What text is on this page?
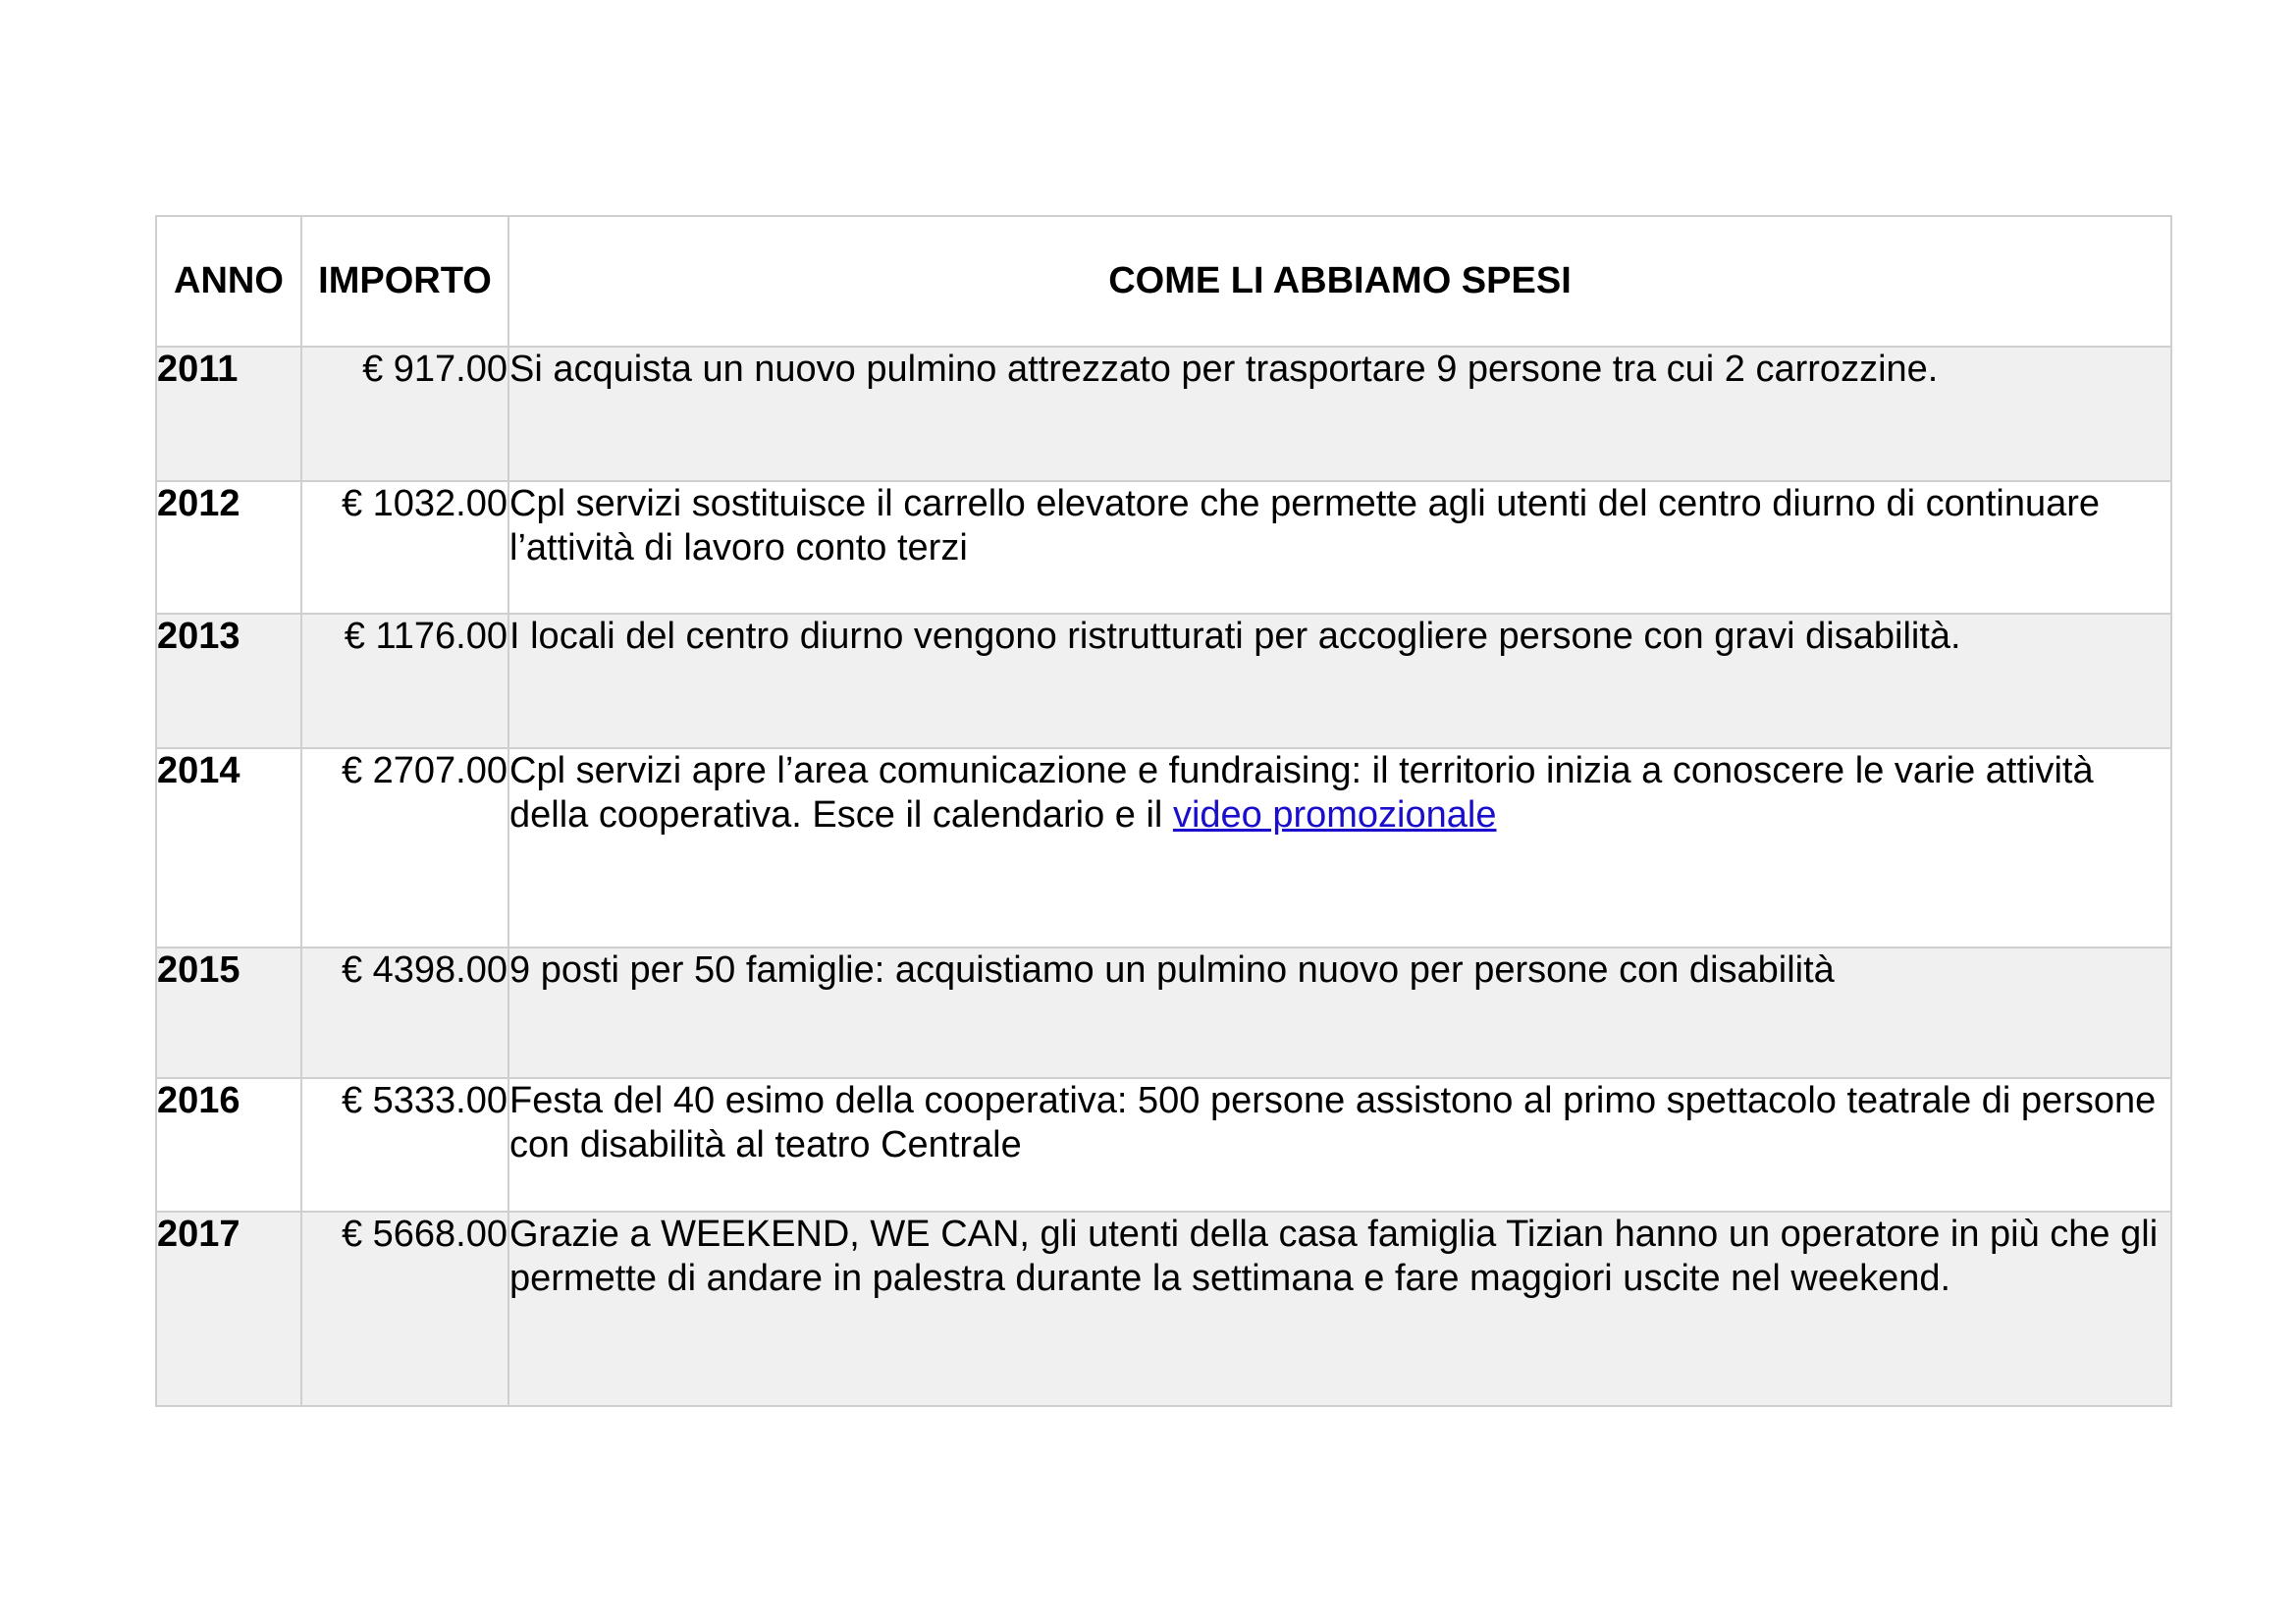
ANNO	IMPORTO	COME LI ABBIAMO SPESI
2011	€ 917.00	Si acquista un nuovo pulmino attrezzato per trasportare 9 persone tra cui 2 carrozzine.
2012	€ 1032.00	Cpl servizi sostituisce il carrello elevatore che permette agli utenti del centro diurno di continuare l’attività di lavoro conto terzi
2013	€ 1176.00	I locali del centro diurno vengono ristrutturati per accogliere persone con gravi disabilità.
2014	€ 2707.00	Cpl servizi apre l’area comunicazione e fundraising: il territorio inizia a conoscere le varie attività della cooperativa. Esce il calendario e il video promozionale
2015	€ 4398.00	9 posti per 50 famiglie: acquistiamo un pulmino nuovo per persone con disabilità
2016	€ 5333.00	Festa del 40 esimo della cooperativa: 500 persone assistono al primo spettacolo teatrale di persone con disabilità al teatro Centrale
2017	€ 5668.00	Grazie a WEEKEND, WE CAN, gli utenti della casa famiglia Tizian hanno un operatore in più che gli permette di andare in palestra durante la settimana e fare maggiori uscite nel weekend.
